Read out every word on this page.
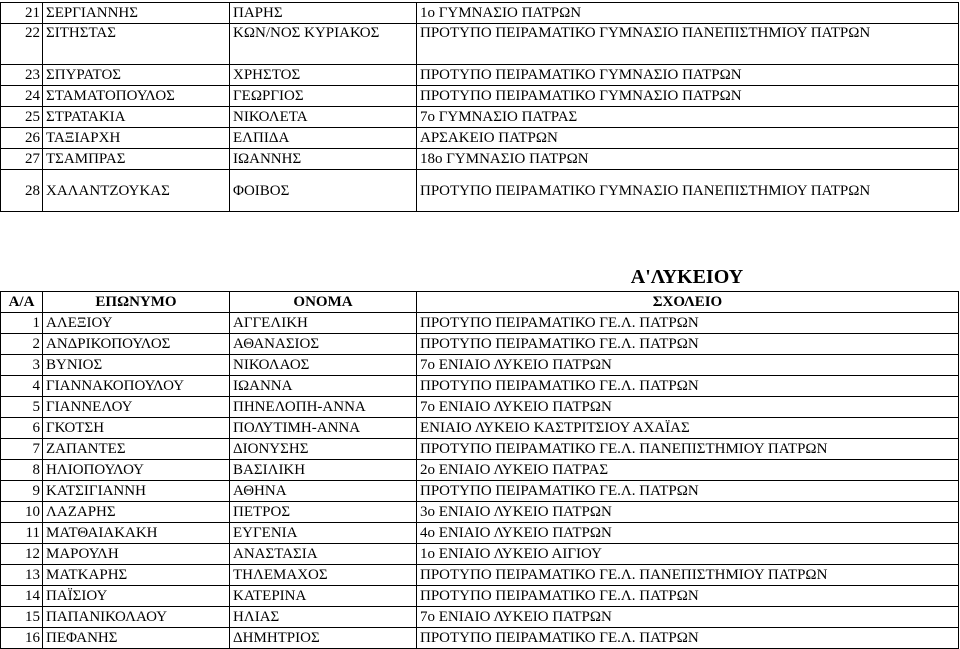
21	ΣΕΡΓΙΑΝΝΗΣ	ΠΑΡΗΣ	1ο ΓΥΜΝΑΣΙΟ ΠΑΤΡΩΝ
22	ΣΙΤΗΣΤΑΣ	ΚΩΝ/ΝΟΣ ΚΥΡΙΑΚΟΣ	ΠΡΟΤΥΠΟ ΠΕΙΡΑΜΑΤΙΚΟ ΓΥΜΝΑΣΙΟ ΠΑΝΕΠΙΣΤΗΜΙΟΥ ΠΑΤΡΩΝ
23	ΣΠΥΡΑΤΟΣ	ΧΡΗΣΤΟΣ	ΠΡΟΤΥΠΟ ΠΕΙΡΑΜΑΤΙΚΟ ΓΥΜΝΑΣΙΟ ΠΑΤΡΩΝ
24	ΣΤΑΜΑΤΟΠΟΥΛΟΣ	ΓΕΩΡΓΙΟΣ	ΠΡΟΤΥΠΟ ΠΕΙΡΑΜΑΤΙΚΟ ΓΥΜΝΑΣΙΟ ΠΑΤΡΩΝ
25	ΣΤΡΑΤΑΚΙΑ	ΝΙΚΟΛΕΤΑ	7ο ΓΥΜΝΑΣΙΟ ΠΑΤΡΑΣ
26	ΤΑΞΙΑΡΧΗ	ΕΛΠΙΔΑ	ΑΡΣΑΚΕΙΟ ΠΑΤΡΩΝ
27	ΤΣΑΜΠΡΑΣ	ΙΩΑΝΝΗΣ	18ο ΓΥΜΝΑΣΙΟ ΠΑΤΡΩΝ
28	ΧΑΛΑΝΤΖΟΥΚΑΣ	ΦΟΙΒΟΣ	ΠΡΟΤΥΠΟ ΠΕΙΡΑΜΑΤΙΚΟ ΓΥΜΝΑΣΙΟ ΠΑΝΕΠΙΣΤΗΜΙΟΥ ΠΑΤΡΩΝ
Α'ΛΥΚΕΙΟΥ
Α/Α	ΕΠΩΝΥΜΟ	ΟΝΟΜΑ	ΣΧΟΛΕΙΟ
1	ΑΛΕΞΙΟΥ	ΑΓΓΕΛΙΚΗ	ΠΡΟΤΥΠΟ ΠΕΙΡΑΜΑΤΙΚΟ ΓΕ.Λ. ΠΑΤΡΩΝ
2	ΑΝΔΡΙΚΟΠΟΥΛΟΣ	ΑΘΑΝΑΣΙΟΣ	ΠΡΟΤΥΠΟ ΠΕΙΡΑΜΑΤΙΚΟ ΓΕ.Λ. ΠΑΤΡΩΝ
3	ΒΥΝΙΟΣ	ΝΙΚΟΛΑΟΣ	7ο ΕΝΙΑΙΟ ΛΥΚΕΙΟ ΠΑΤΡΩΝ
4	ΓΙΑΝΝΑΚΟΠΟΥΛΟΥ	ΙΩΑΝΝΑ	ΠΡΟΤΥΠΟ ΠΕΙΡΑΜΑΤΙΚΟ ΓΕ.Λ. ΠΑΤΡΩΝ
5	ΓΙΑΝΝΕΛΟΥ	ΠΗΝΕΛΟΠΗ-ΑΝΝΑ	7ο ΕΝΙΑΙΟ ΛΥΚΕΙΟ ΠΑΤΡΩΝ
6	ΓΚΟΤΣΗ	ΠΟΛΥΤΙΜΗ-ΑΝΝΑ	ΕΝΙΑΙΟ ΛΥΚΕΙΟ ΚΑΣΤΡΙΤΣΙΟΥ ΑΧΑΪΑΣ
7	ΖΑΠΑΝΤΕΣ	ΔΙΟΝΥΣΗΣ	ΠΡΟΤΥΠΟ ΠΕΙΡΑΜΑΤΙΚΟ ΓΕ.Λ. ΠΑΝΕΠΙΣΤΗΜΙΟΥ ΠΑΤΡΩΝ
8	ΗΛΙΟΠΟΥΛΟΥ	ΒΑΣΙΛΙΚΗ	2ο ΕΝΙΑΙΟ ΛΥΚΕΙΟ ΠΑΤΡΑΣ
9	ΚΑΤΣΙΓΙΑΝΝΗ	ΑΘΗΝΑ	ΠΡΟΤΥΠΟ ΠΕΙΡΑΜΑΤΙΚΟ ΓΕ.Λ. ΠΑΤΡΩΝ
10	ΛΑΖΑΡΗΣ	ΠΕΤΡΟΣ	3ο ΕΝΙΑΙΟ ΛΥΚΕΙΟ ΠΑΤΡΩΝ
11	ΜΑΤΘΑΙΑΚΑΚΗ	ΕΥΓΕΝΙΑ	4ο ΕΝΙΑΙΟ ΛΥΚΕΙΟ ΠΑΤΡΩΝ
12	ΜΑΡΟΥΛΗ	ΑΝΑΣΤΑΣΙΑ	1ο ΕΝΙΑΙΟ ΛΥΚΕΙΟ ΑΙΓΙΟΥ
13	ΜΑΤΚΑΡΗΣ	ΤΗΛΕΜΑΧΟΣ	ΠΡΟΤΥΠΟ ΠΕΙΡΑΜΑΤΙΚΟ ΓΕ.Λ. ΠΑΝΕΠΙΣΤΗΜΙΟΥ ΠΑΤΡΩΝ
14	ΠΑΪΣΙΟΥ	ΚΑΤΕΡΙΝΑ	ΠΡΟΤΥΠΟ ΠΕΙΡΑΜΑΤΙΚΟ ΓΕ.Λ. ΠΑΤΡΩΝ
15	ΠΑΠΑΝΙΚΟΛΑΟΥ	ΗΛΙΑΣ	7ο ΕΝΙΑΙΟ ΛΥΚΕΙΟ ΠΑΤΡΩΝ
16	ΠΕΦΑΝΗΣ	ΔΗΜΗΤΡΙΟΣ	ΠΡΟΤΥΠΟ ΠΕΙΡΑΜΑΤΙΚΟ ΓΕ.Λ. ΠΑΤΡΩΝ
